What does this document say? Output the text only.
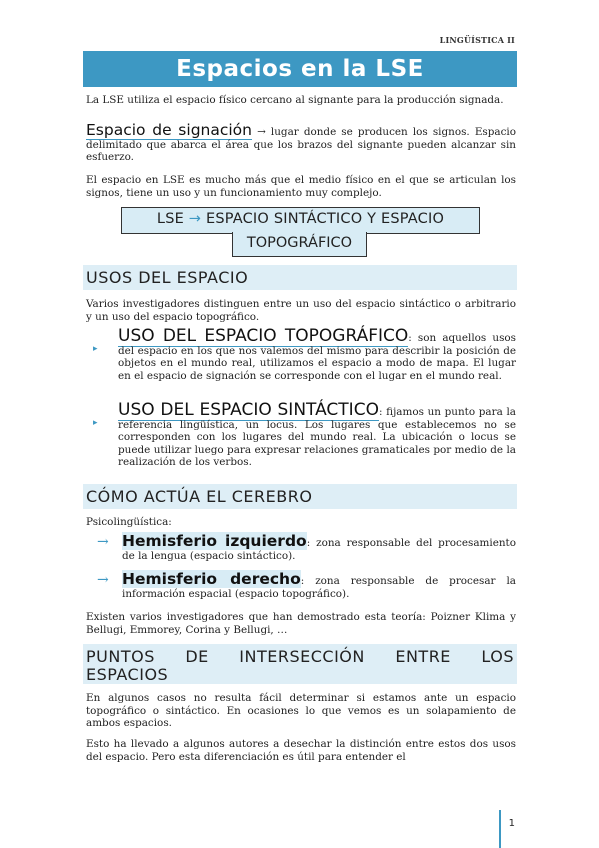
LINGÜÍSTICA II
Espacios en la LSE
La LSE utiliza el espacio físico cercano al signante para la producción signada.
Espacio de signación → lugar donde se producen los signos. Espacio delimitado que abarca el área que los brazos del signante pueden alcanzar sin esfuerzo.
El espacio en LSE es mucho más que el medio físico en el que se articulan los signos, tiene un uso y un funcionamiento muy complejo.
LSE → ESPACIO SINTÁCTICO Y ESPACIO
TOPOGRÁFICO
USOS DEL ESPACIO
Varios investigadores distinguen entre un uso del espacio sintáctico o arbitrario y un uso del espacio topográfico.
▸
USO DEL ESPACIO TOPOGRÁFICO: son aquellos usos del espacio en los que nos valemos del mismo para describir la posición de objetos en el mundo real, utilizamos el espacio a modo de mapa. El lugar en el espacio de signación se corresponde con el lugar en el mundo real.
▸
USO DEL ESPACIO SINTÁCTICO: fijamos un punto para la referencia lingüística, un locus. Los lugares que establecemos no se corresponden con los lugares del mundo real. La ubicación o locus se puede utilizar luego para expresar relaciones gramaticales por medio de la realización de los verbos.
CÓMO ACTÚA EL CEREBRO
Psicolingüística:
→ Hemisferio izquierdo: zona responsable del procesamiento de la lengua (espacio sintáctico).
→ Hemisferio derecho: zona responsable de procesar la información espacial (espacio topográfico).
Existen varios investigadores que han demostrado esta teoría: Poizner Klima y Bellugi, Emmorey, Corina y Bellugi, …
PUNTOS DE INTERSECCIÓN ENTRE LOS
ESPACIOS
En algunos casos no resulta fácil determinar si estamos ante un espacio topográfico o sintáctico. En ocasiones lo que vemos es un solapamiento de ambos espacios.
Esto ha llevado a algunos autores a desechar la distinción entre estos dos usos del espacio. Pero esta diferenciación es útil para entender el
1
